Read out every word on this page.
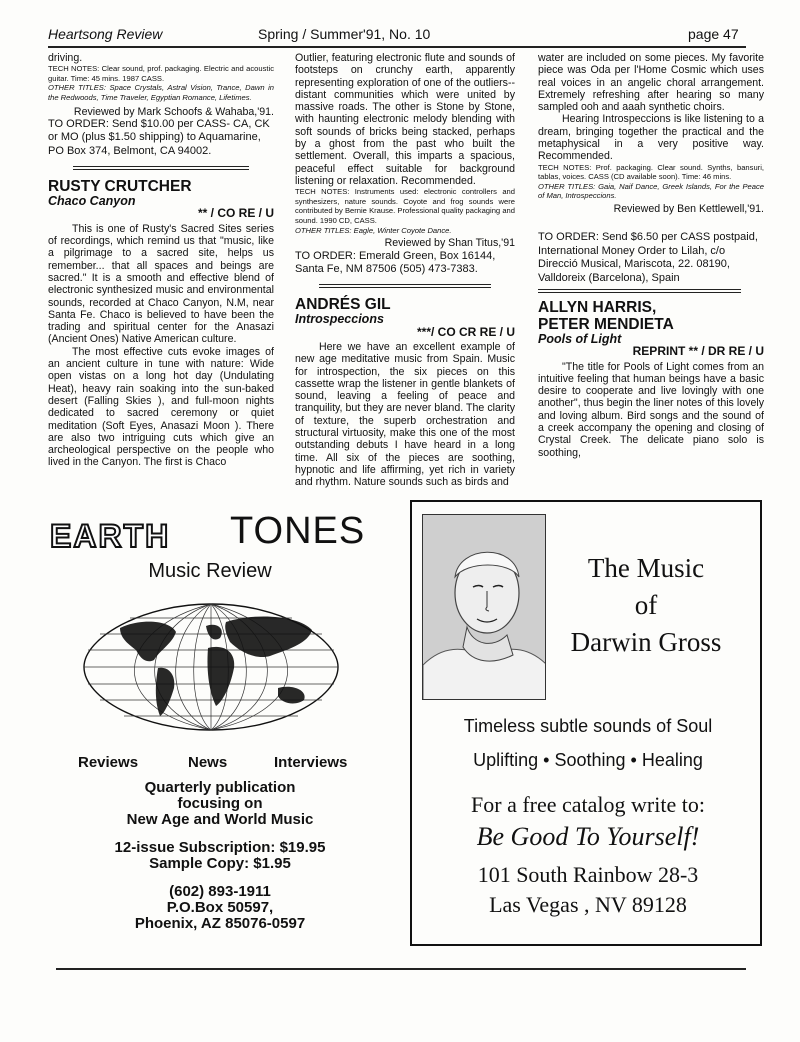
Heartsong Review	Spring / Summer'91, No. 10	page 47

driving.

TECH NOTES: Clear sound, prof. packaging. Electric and acoustic guitar. Time: 45 mins. 1987 CASS.

OTHER TITLES: Space Crystals, Astral Vision, Trance, Dawn in the Redwoods, Time Traveler, Egyptian Romance, Lifetimes.

Reviewed by Mark Schoofs & Wahaba,'91.

TO ORDER: Send $10.00 per CASS- CA, CK or MO (plus $1.50 shipping) to Aquamarine, PO Box 374, Belmont, CA 94002.

RUSTY CRUTCHER

Chaco Canyon

** / CO RE / U

This is one of Rusty's Sacred Sites series of recordings, which remind us that "music, like a pilgrimage to a sacred site, helps us remember... that all spaces and beings are sacred." It is a smooth and effective blend of electronic synthesized music and environmental sounds, recorded at Chaco Canyon, N.M, near Santa Fe. Chaco is believed to have been the trading and spiritual center for the Anasazi (Ancient Ones) Native American culture.

The most effective cuts evoke images of an ancient culture in tune with nature: Wide open vistas on a long hot day (Undulating Heat), heavy rain soaking into the sun-baked desert (Falling Skies ), and full-moon nights dedicated to sacred ceremony or quiet meditation (Soft Eyes, Anasazi Moon ). There are also two intriguing cuts which give an archeological perspective on the people who lived in the Canyon. The first is Chaco

Outlier, featuring electronic flute and sounds of footsteps on crunchy earth, apparently representing exploration of one of the outliers-- distant communities which were united by massive roads. The other is Stone by Stone, with haunting electronic melody blending with soft sounds of bricks being stacked, perhaps by a ghost from the past who built the settlement. Overall, this imparts a spacious, peaceful effect suitable for background listening or relaxation. Recommended.

TECH NOTES: Instruments used: electronic controllers and synthesizers, nature sounds. Coyote and frog sounds were contributed by Bernie Krause. Professional quality packaging and sound. 1990 CD, CASS.

OTHER TITLES: Eagle, Winter Coyote Dance.

Reviewed by Shan Titus,'91

TO ORDER: Emerald Green, Box 16144, Santa Fe, NM 87506 (505) 473-7383.

ANDRÉS GIL

Introspeccions

***/ CO CR RE / U

Here we have an excellent example of new age meditative music from Spain. Music for introspection, the six pieces on this cassette wrap the listener in gentle blankets of sound, leaving a feeling of peace and tranquility, but they are never bland. The clarity of texture, the superb orchestration and structural virtuosity, make this one of the most outstanding debuts I have heard in a long time. All six of the pieces are soothing, hypnotic and life affirming, yet rich in variety and rhythm. Nature sounds such as birds and

water are included on some pieces. My favorite piece was Oda per l'Home Cosmic which uses real voices in an angelic choral arrangement. Extremely refreshing after hearing so many sampled ooh and aaah synthetic choirs.

Hearing Introspeccions is like listening to a dream, bringing together the practical and the metaphysical in a very positive way. Recommended.

TECH NOTES: Prof. packaging. Clear sound. Synths, bansuri, tablas, voices. CASS (CD available soon). Time: 46 mins.

OTHER TITLES: Gaia, Naif Dance, Greek Islands, For the Peace of Man, Introspeccions.

Reviewed by Ben Kettlewell,'91.

TO ORDER: Send $6.50 per CASS postpaid, International Money Order to Lilah, c/o Direcció Musical, Mariscota, 22. 08190, Valldoreix (Barcelona), Spain

ALLYN HARRIS,

PETER MENDIETA

Pools of Light

REPRINT ** / DR RE / U

"The title for Pools of Light comes from an intuitive feeling that human beings have a basic desire to cooperate and live lovingly with one another", thus begin the liner notes of this lovely and loving album. Bird songs and the sound of a creek accompany the opening and closing of Crystal Creek. The delicate piano solo is soothing,

EARTH TONES
Music Review
Reviews	News	Interviews
Quarterly publication
focusing on
New Age and World Music
12-issue Subscription: $19.95
Sample Copy: $1.95
(602) 893-1911
P.O.Box 50597,
Phoenix, AZ 85076-0597
The Music
of
Darwin Gross
Timeless subtle sounds of Soul
Uplifting • Soothing • Healing
For a free catalog write to:
Be Good To Yourself!
101 South Rainbow 28-3
Las Vegas , NV 89128
